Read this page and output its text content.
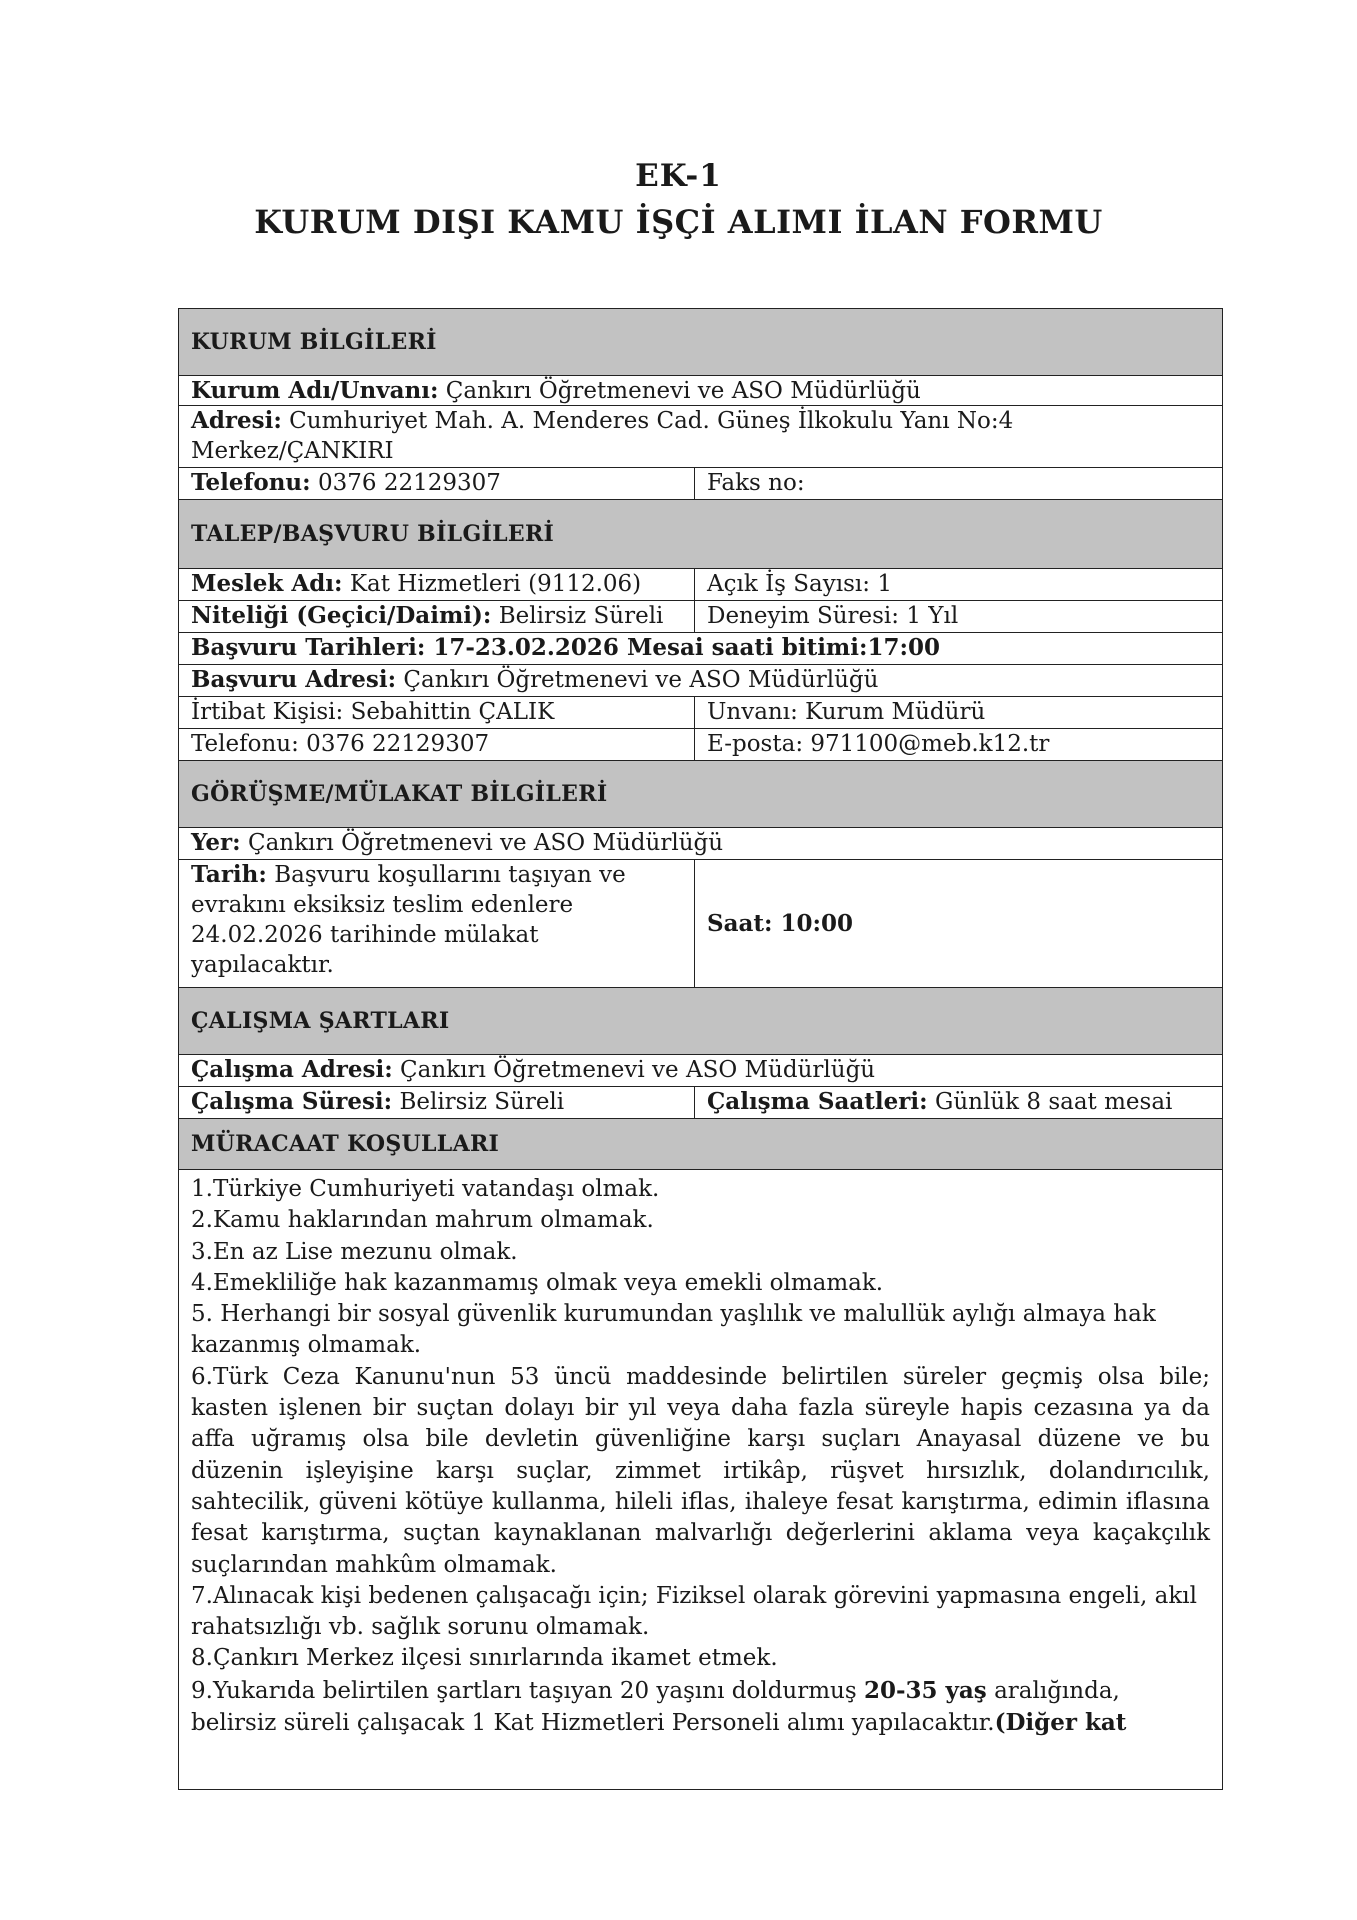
EK-1
KURUM DIŞI KAMU İŞÇİ ALIMI İLAN FORMU
KURUM BİLGİLERİ
Kurum Adı/Unvanı: Çankırı Öğretmenevi ve ASO Müdürlüğü
Adresi: Cumhuriyet Mah. A. Menderes Cad. Güneş İlkokulu Yanı No:4
Merkez/ÇANKIRI
Telefonu: 0376 22129307	Faks no:
TALEP/BAŞVURU BİLGİLERİ
Meslek Adı: Kat Hizmetleri (9112.06)	Açık İş Sayısı: 1
Niteliği (Geçici/Daimi): Belirsiz Süreli	Deneyim Süresi: 1 Yıl
Başvuru Tarihleri: 17-23.02.2026 Mesai saati bitimi:17:00
Başvuru Adresi: Çankırı Öğretmenevi ve ASO Müdürlüğü
İrtibat Kişisi: Sebahittin ÇALIK	Unvanı: Kurum Müdürü
Telefonu: 0376 22129307	E-posta: 971100@meb.k12.tr
GÖRÜŞME/MÜLAKAT BİLGİLERİ
Yer: Çankırı Öğretmenevi ve ASO Müdürlüğü
Tarih: Başvuru koşullarını taşıyan ve
evrakını eksiksiz teslim edenlere
24.02.2026 tarihinde mülakat
yapılacaktır.
Saat: 10:00
ÇALIŞMA ŞARTLARI
Çalışma Adresi: Çankırı Öğretmenevi ve ASO Müdürlüğü
Çalışma Süresi: Belirsiz Süreli	Çalışma Saatleri: Günlük 8 saat mesai
MÜRACAAT KOŞULLARI

1.Türkiye Cumhuriyeti vatandaşı olmak.

2.Kamu haklarından mahrum olmamak.

3.En az Lise mezunu olmak.

4.Emekliliğe hak kazanmamış olmak veya emekli olmamak.

5. Herhangi bir sosyal güvenlik kurumundan yaşlılık ve malullük aylığı almaya hak kazanmış olmamak.

6.Türk Ceza Kanunu'nun 53 üncü maddesinde belirtilen süreler geçmiş olsa bile; kasten işlenen bir suçtan dolayı bir yıl veya daha fazla süreyle hapis cezasına ya da affa uğramış olsa bile devletin güvenliğine karşı suçları Anayasal düzene ve bu düzenin işleyişine karşı suçlar, zimmet irtikâp, rüşvet hırsızlık, dolandırıcılık, sahtecilik, güveni kötüye kullanma, hileli iflas, ihaleye fesat karıştırma, edimin iflasına fesat karıştırma, suçtan kaynaklanan malvarlığı değerlerini aklama veya kaçakçılık suçlarından mahkûm olmamak.

7.Alınacak kişi bedenen çalışacağı için; Fiziksel olarak görevini yapmasına engeli, akıl rahatsızlığı vb. sağlık sorunu olmamak.

8.Çankırı Merkez ilçesi sınırlarında ikamet etmek.

9.Yukarıda belirtilen şartları taşıyan 20 yaşını doldurmuş 20-35 yaş aralığında, belirsiz süreli çalışacak 1 Kat Hizmetleri Personeli alımı yapılacaktır.(Diğer kat
